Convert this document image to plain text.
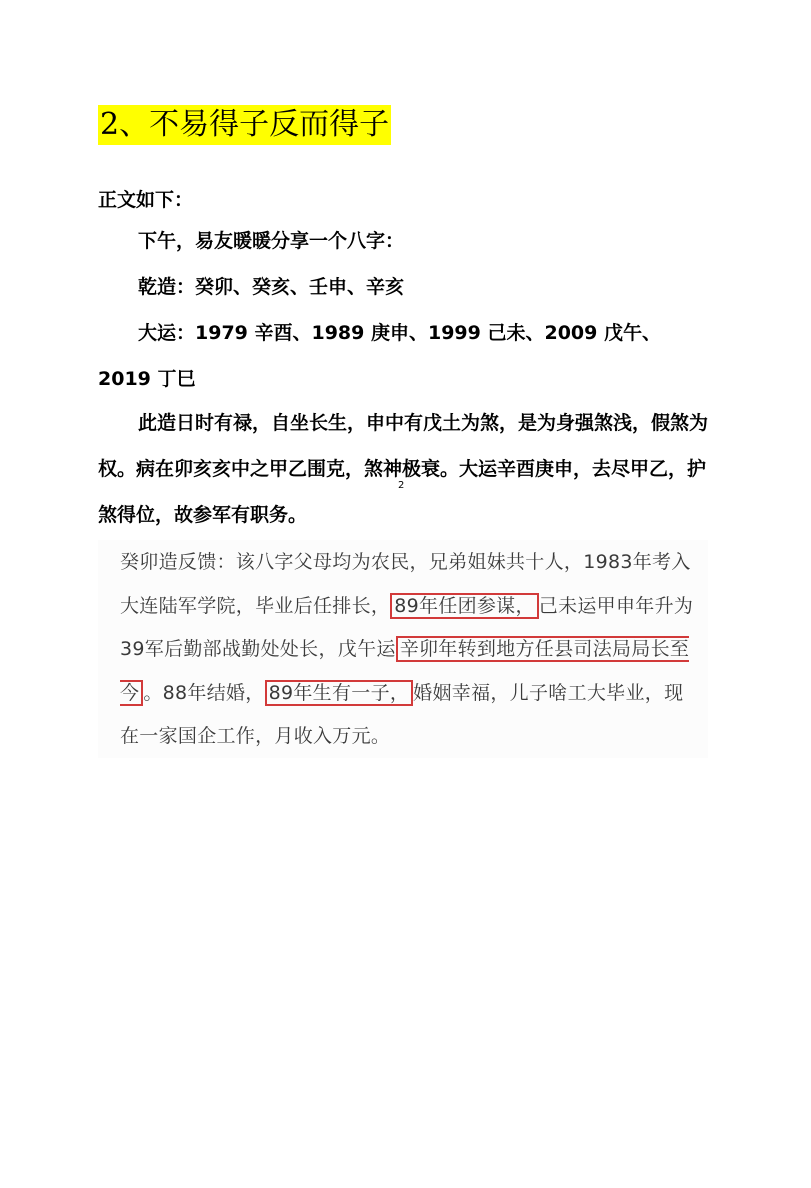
2、不易得子反而得子

正文如下：

下午，易友暖暖分享一个八字：

乾造：癸卯、癸亥、壬申、辛亥

大运：1979 辛酉、1989 庚申、1999 己未、2009 戊午、2019 丁巳

此造日时有禄，自坐长生，申中有戊土为煞，是为身强煞浅，假煞为权。病在卯亥亥中之甲乙围克，煞神极衰。大运辛酉庚申，去尽甲乙，护煞得位，故参军有职务。

2

癸卯造反馈：该八字父母均为农民，兄弟姐妹共十人，1983年考入大连陆军学院，毕业后任排长， 89年任团参谋， 己未运甲申年升为39军后勤部战勤处处长，戊午运 辛卯年转到地方任县司法局局长至今 。88年结婚， 89年生有一子， 婚姻幸福，儿子啥工大毕业，现在一家国企工作，月收入万元。
